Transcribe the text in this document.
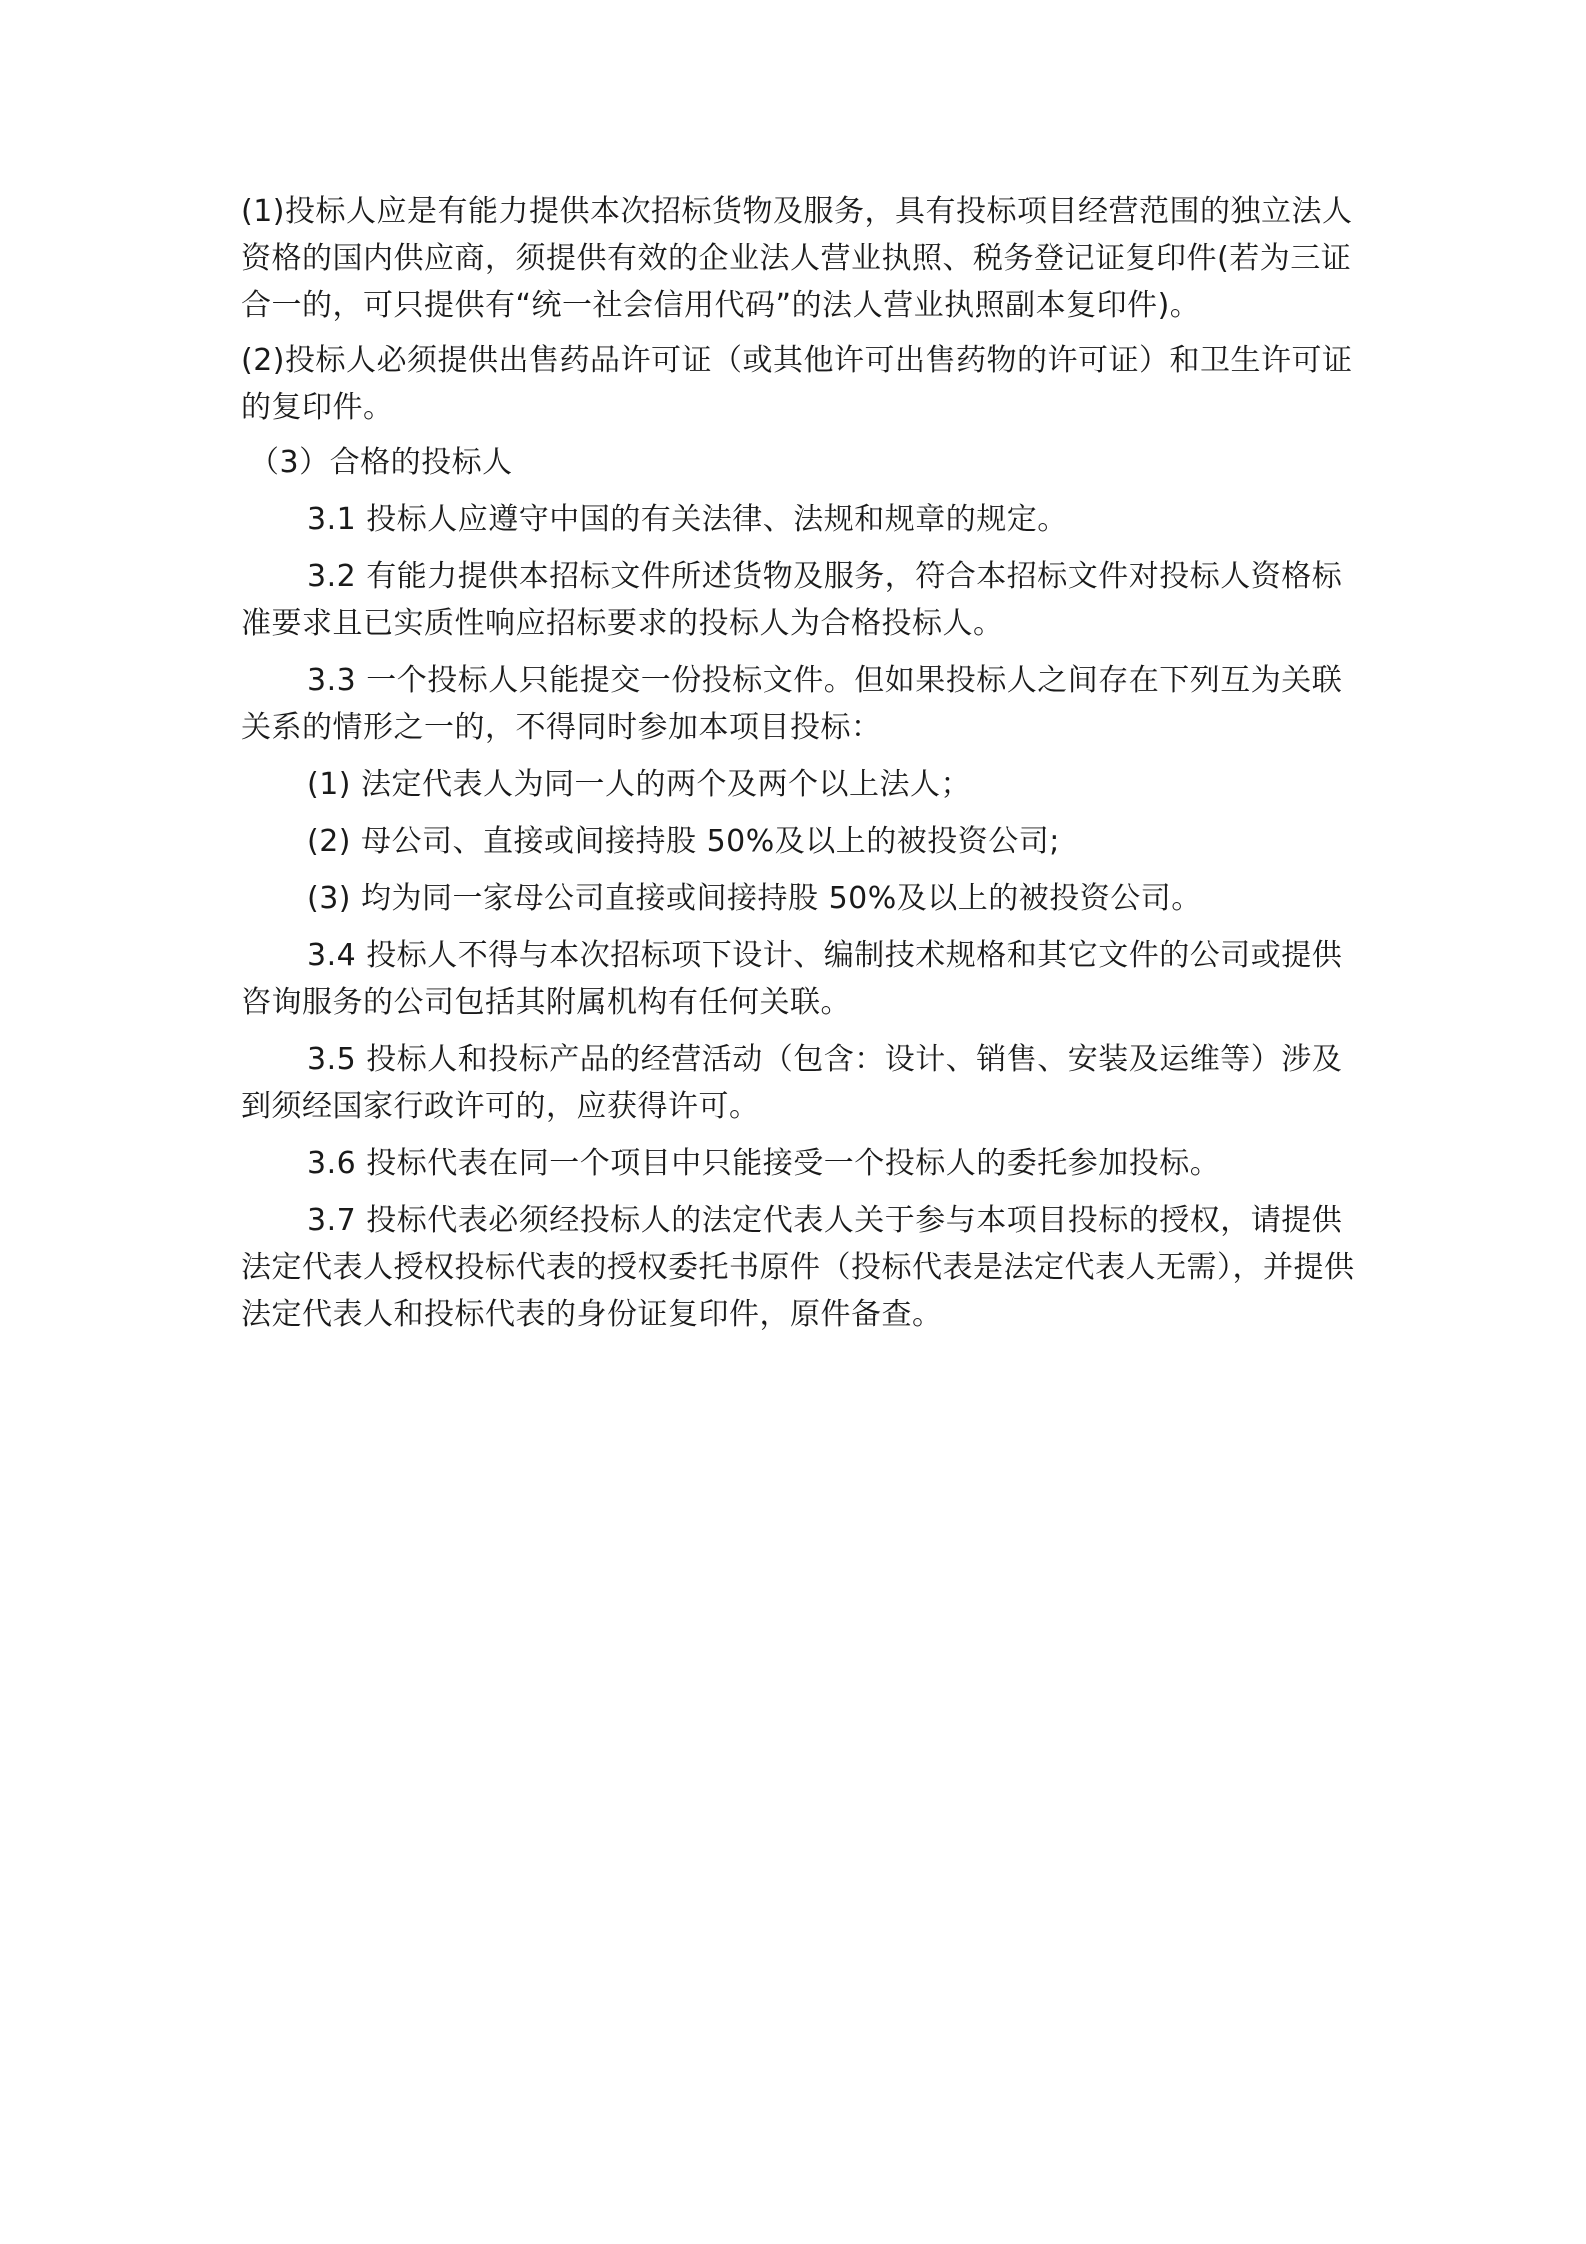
(1)投标人应是有能力提供本次招标货物及服务，具有投标项目经营范围的独立法人资格的国内供应商，须提供有效的企业法人营业执照、税务登记证复印件(若为三证合一的，可只提供有“统一社会信用代码”的法人营业执照副本复印件)。

(2)投标人必须提供出售药品许可证（或其他许可出售药物的许可证）和卫生许可证的复印件。

（3）合格的投标人

3.1 投标人应遵守中国的有关法律、法规和规章的规定。

3.2 有能力提供本招标文件所述货物及服务，符合本招标文件对投标人资格标准要求且已实质性响应招标要求的投标人为合格投标人。

3.3 一个投标人只能提交一份投标文件。但如果投标人之间存在下列互为关联关系的情形之一的，不得同时参加本项目投标：

(1) 法定代表人为同一人的两个及两个以上法人；

(2) 母公司、直接或间接持股 50%及以上的被投资公司;

(3) 均为同一家母公司直接或间接持股 50%及以上的被投资公司。

3.4 投标人不得与本次招标项下设计、编制技术规格和其它文件的公司或提供咨询服务的公司包括其附属机构有任何关联。

3.5 投标人和投标产品的经营活动（包含：设计、销售、安装及运维等）涉及到须经国家行政许可的，应获得许可。

3.6 投标代表在同一个项目中只能接受一个投标人的委托参加投标。

3.7 投标代表必须经投标人的法定代表人关于参与本项目投标的授权，请提供法定代表人授权投标代表的授权委托书原件（投标代表是法定代表人无需），并提供法定代表人和投标代表的身份证复印件，原件备查。
